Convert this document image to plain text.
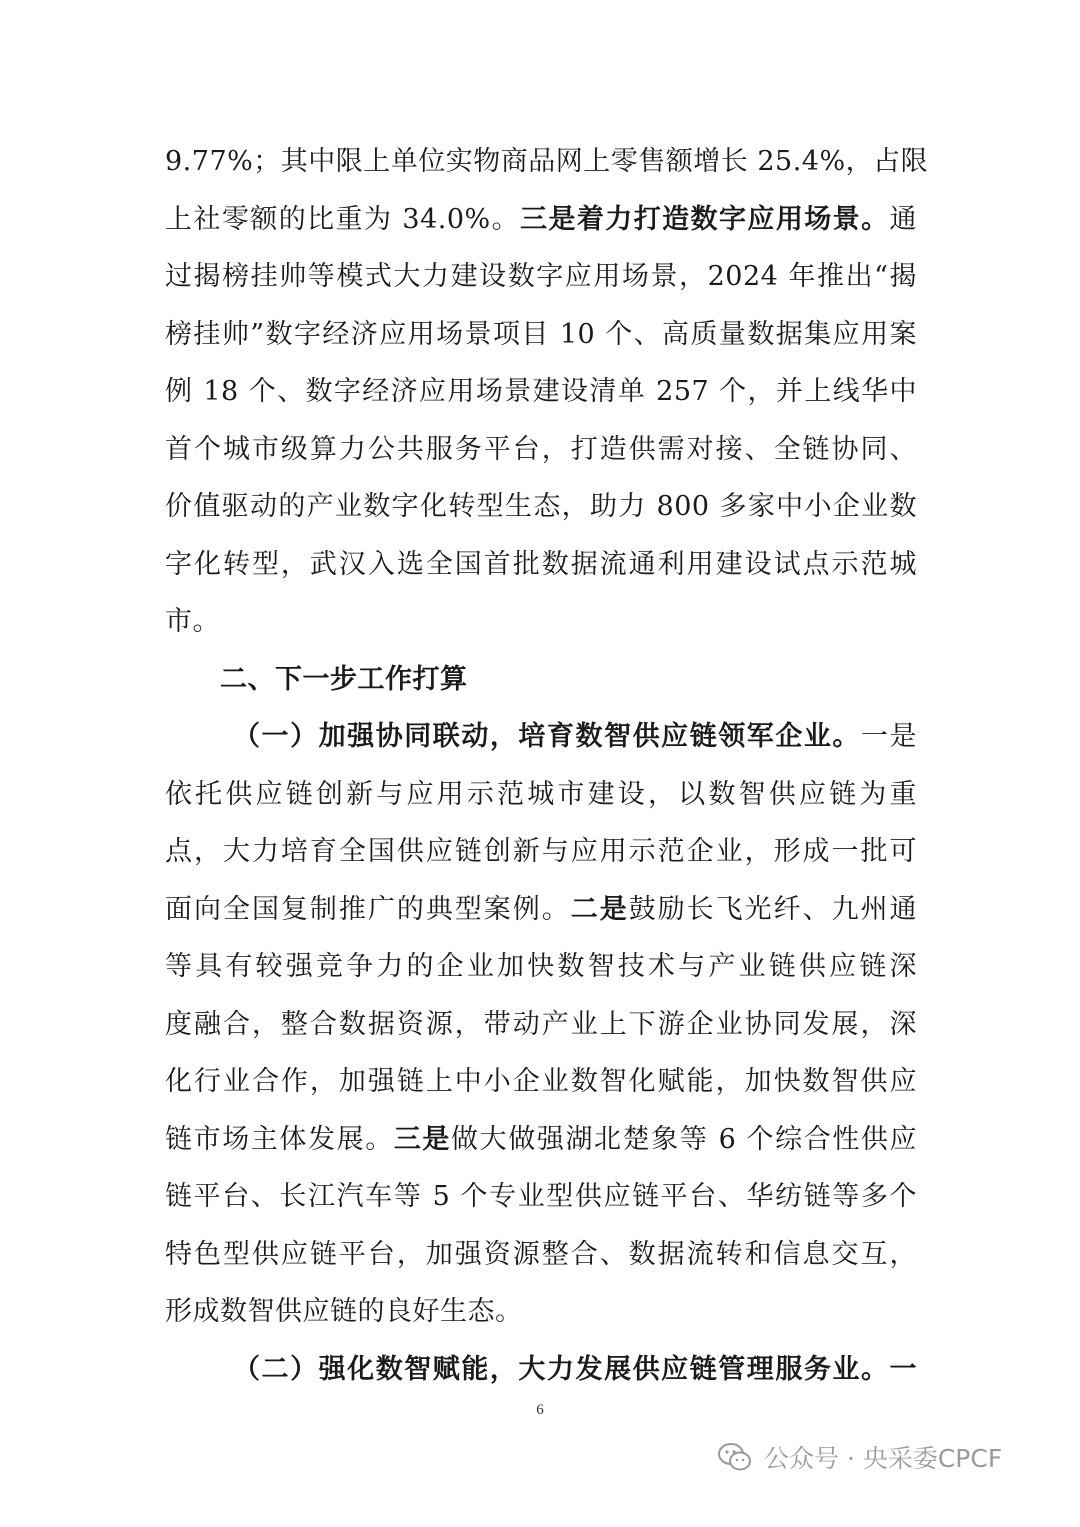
9.77%；其中限上单位实物商品网上零售额增长 25.4%，占限
上社零额的比重为 34.0%。三是着力打造数字应用场景。通
过揭榜挂帅等模式大力建设数字应用场景，2024 年推出“揭
榜挂帅”数字经济应用场景项目 10 个、高质量数据集应用案
例 18 个、数字经济应用场景建设清单 257 个，并上线华中
首个城市级算力公共服务平台，打造供需对接、全链协同、
价值驱动的产业数字化转型生态，助力 800 多家中小企业数
字化转型，武汉入选全国首批数据流通利用建设试点示范城
市。
二、下一步工作打算
（一）加强协同联动，培育数智供应链领军企业。一是
依托供应链创新与应用示范城市建设，以数智供应链为重
点，大力培育全国供应链创新与应用示范企业，形成一批可
面向全国复制推广的典型案例。二是鼓励长飞光纤、九州通
等具有较强竞争力的企业加快数智技术与产业链供应链深
度融合，整合数据资源，带动产业上下游企业协同发展，深
化行业合作，加强链上中小企业数智化赋能，加快数智供应
链市场主体发展。三是做大做强湖北楚象等 6 个综合性供应
链平台、长江汽车等 5 个专业型供应链平台、华纺链等多个
特色型供应链平台，加强资源整合、数据流转和信息交互，
形成数智供应链的良好生态。
（二）强化数智赋能，大力发展供应链管理服务业。一
6
公众号 · 央采委CPCF
